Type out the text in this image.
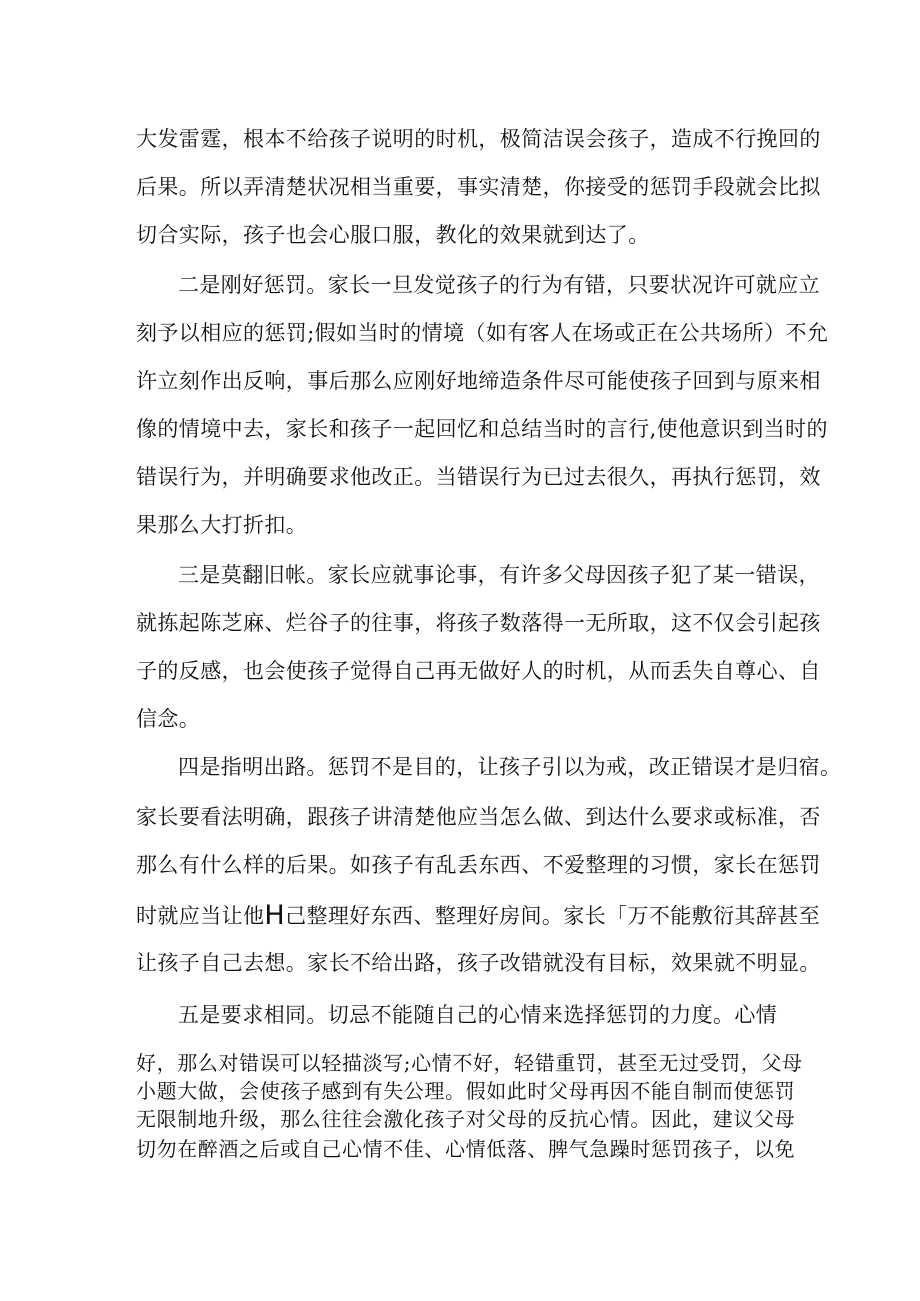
大发雷霆，根本不给孩子说明的时机，极简洁误会孩子，造成不行挽回的

后果。所以弄清楚状况相当重要，事实清楚，你接受的惩罚手段就会比拟

切合实际，孩子也会心服口服，教化的效果就到达了。

二是刚好惩罚。家长一旦发觉孩子的行为有错，只要状况许可就应立

刻予以相应的惩罚;假如当时的情境（如有客人在场或正在公共场所）不允

许立刻作出反响，事后那么应刚好地缔造条件尽可能使孩子回到与原来相

像的情境中去，家长和孩子一起回忆和总结当时的言行,使他意识到当时的

错误行为，并明确要求他改正。当错误行为已过去很久，再执行惩罚，效

果那么大打折扣。

三是莫翻旧帐。家长应就事论事，有许多父母因孩子犯了某一错误，

就拣起陈芝麻、烂谷子的往事，将孩子数落得一无所取，这不仅会引起孩

子的反感，也会使孩子觉得自己再无做好人的时机，从而丢失自尊心、自

信念。

四是指明出路。惩罚不是目的，让孩子引以为戒，改正错误才是归宿。

家长要看法明确，跟孩子讲清楚他应当怎么做、到达什么要求或标准，否

那么有什么样的后果。如孩子有乱丢东西、不爱整理的习惯，家长在惩罚

时就应当让他H己整理好东西、整理好房间。家长「万不能敷衍其辞甚至

让孩子自己去想。家长不给出路，孩子改错就没有目标，效果就不明显。

五是要求相同。切忌不能随自己的心情来选择惩罚的力度。心情

好，那么对错误可以轻描淡写;心情不好，轻错重罚，甚至无过受罚，父母

小题大做，会使孩子感到有失公理。假如此时父母再因不能自制而使惩罚

无限制地升级，那么往往会激化孩子对父母的反抗心情。因此，建议父母

切勿在醉酒之后或自己心情不佳、心情低落、脾气急躁时惩罚孩子，以免
